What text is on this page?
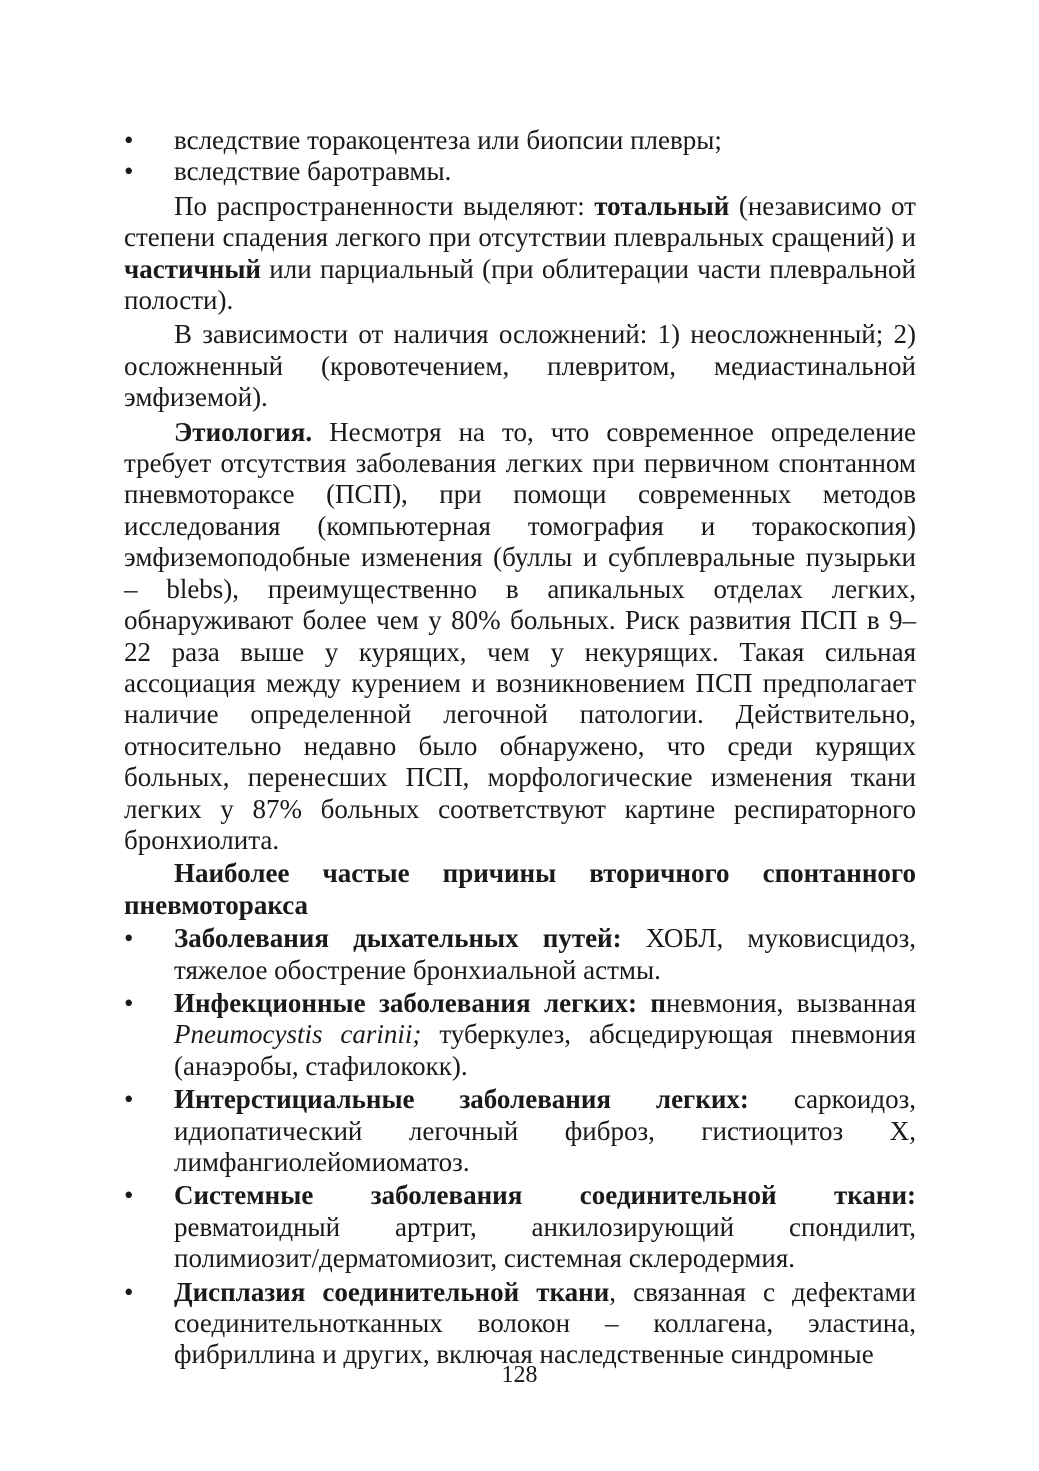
• вследствие торакоцентеза или биопсии плевры;
• вследствие баротравмы.

По распространенности выделяют: тотальный (независимо от степени спадения легкого при отсутствии плевральных сращений) и частичный или парциальный (при облитерации части плевральной полости).

В зависимости от наличия осложнений: 1) неосложненный; 2) осложненный (кровотечением, плевритом, медиастинальной эмфиземой).

Этиология. Несмотря на то, что современное определение требует отсутствия заболевания легких при первичном спонтанном пневмотораксе (ПСП), при помощи современных методов исследования (компьютерная томография и торакоскопия) эмфиземоподобные изменения (буллы и субплевральные пузырьки – blebs), преимущественно в апикальных отделах легких, обнаруживают более чем у 80% больных. Риск развития ПСП в 9–22 раза выше у курящих, чем у некурящих. Такая сильная ассоциация между курением и возникновением ПСП предполагает наличие определенной легочной патологии. Действительно, относительно недавно было обнаружено, что среди курящих больных, перенесших ПСП, морфологические изменения ткани легких у 87% больных соответствуют картине респираторного бронхиолита.

Наиболее частые причины вторичного спонтанного
пневмоторакса
• Заболевания дыхательных путей: ХОБЛ, муковисцидоз, тяжелое обострение бронхиальной астмы.
• Инфекционные заболевания легких: пневмония, вызванная Pneumocystis carinii; туберкулез, абсцедирующая пневмония (анаэробы, стафилококк).
• Интерстициальные заболевания легких: саркоидоз, идиопатический легочный фиброз, гистиоцитоз Х, лимфангиолейомиоматоз.
• Системные заболевания соединительной ткани: ревматоидный артрит, анкилозирующий спондилит, полимиозит/дерматомиозит, системная склеродермия.
• Дисплазия соединительной ткани, связанная с дефектами соединительнотканных волокон – коллагена, эластина, фибриллина и других, включая наследственные синдромные
128
